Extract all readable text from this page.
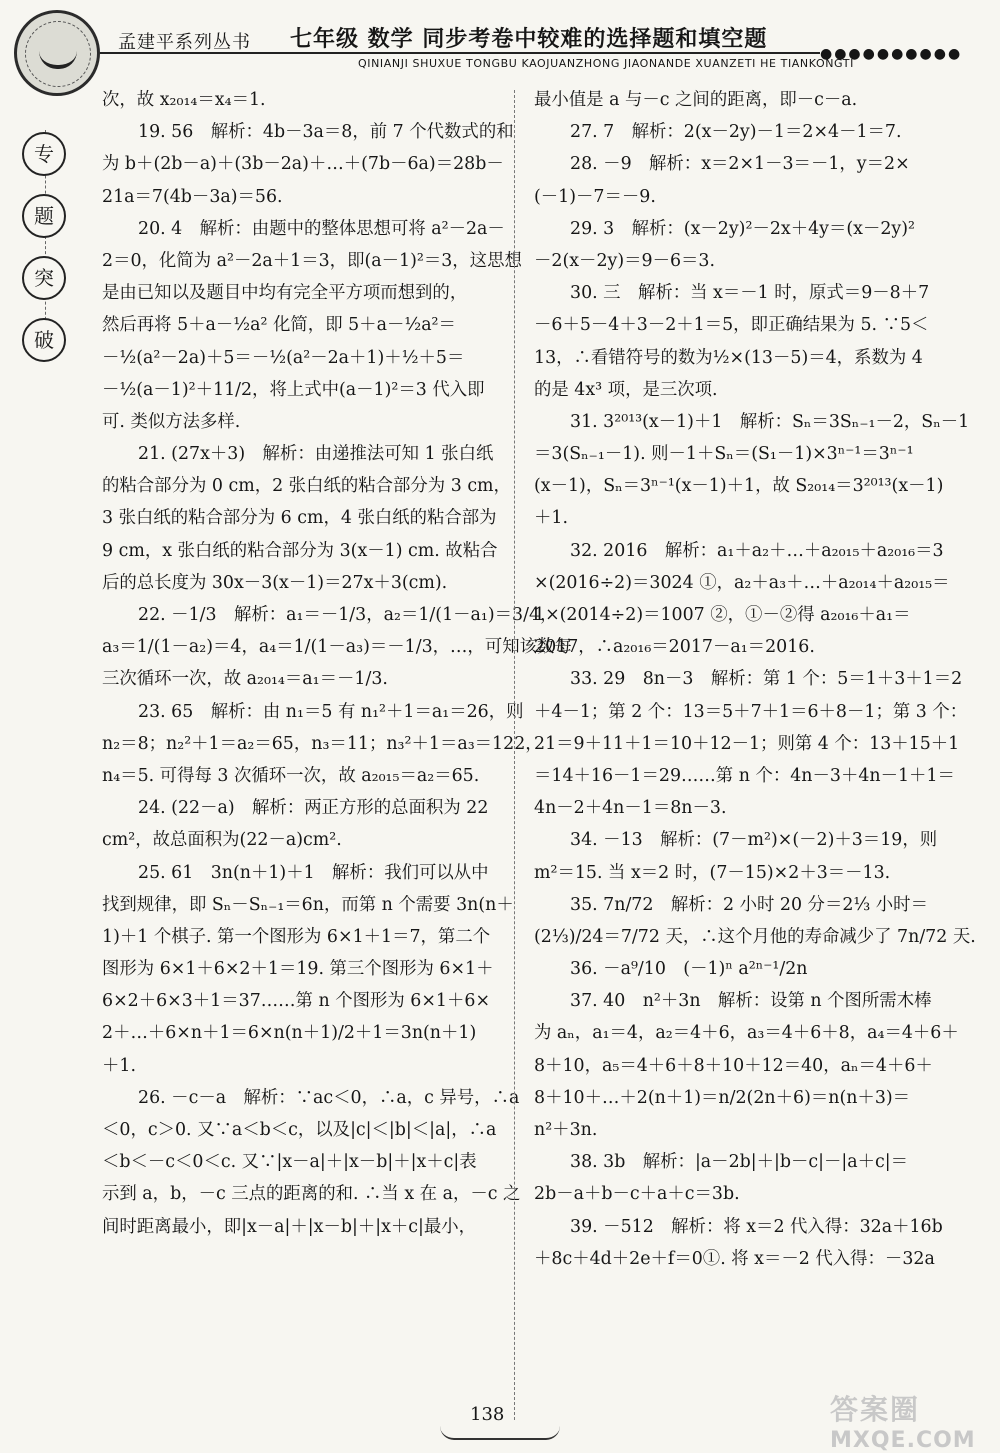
孟建平系列丛书 七年级 数学 同步考卷中较难的选择题和填空题
●●●●●●●●●●
QINIANJI SHUXUE TONGBU KAOJUANZHONG JIAONANDE XUANZETI HE TIANKONGTI
专
题
突
破
次，故 x₂₀₁₄＝x₄＝1.
19. 56　解析：4b－3a＝8，前 7 个代数式的和
为 b＋(2b－a)＋(3b－2a)＋…＋(7b－6a)＝28b－
21a＝7(4b－3a)＝56.
20. 4　解析：由题中的整体思想可将 a²－2a－
2＝0，化简为 a²－2a＋1＝3，即(a－1)²＝3，这思想
是由已知以及题目中均有完全平方项而想到的，
然后再将 5＋a－½a² 化简，即 5＋a－½a²＝
－½(a²－2a)＋5＝－½(a²－2a＋1)＋½＋5＝
－½(a－1)²＋11/2，将上式中(a－1)²＝3 代入即
可. 类似方法多样.
21. (27x＋3)　解析：由递推法可知 1 张白纸
的粘合部分为 0 cm，2 张白纸的粘合部分为 3 cm，
3 张白纸的粘合部分为 6 cm，4 张白纸的粘合部为
9 cm，x 张白纸的粘合部分为 3(x－1) cm. 故粘合
后的总长度为 30x－3(x－1)＝27x＋3(cm).
22. －1/3　解析：a₁＝－1/3，a₂＝1/(1－a₁)＝3/4，
a₃＝1/(1－a₂)＝4，a₄＝1/(1－a₃)＝－1/3，…，可知该数每
三次循环一次，故 a₂₀₁₄＝a₁＝－1/3.
23. 65　解析：由 n₁＝5 有 n₁²＋1＝a₁＝26，则
n₂＝8；n₂²＋1＝a₂＝65，n₃＝11；n₃²＋1＝a₃＝122，
n₄＝5. 可得每 3 次循环一次，故 a₂₀₁₅＝a₂＝65.
24. (22－a)　解析：两正方形的总面积为 22
cm²，故总面积为(22－a)cm².
25. 61　3n(n＋1)＋1　解析：我们可以从中
找到规律，即 Sₙ－Sₙ₋₁＝6n，而第 n 个需要 3n(n＋
1)＋1 个棋子. 第一个图形为 6×1＋1＝7，第二个
图形为 6×1＋6×2＋1＝19. 第三个图形为 6×1＋
6×2＋6×3＋1＝37……第 n 个图形为 6×1＋6×
2＋…＋6×n＋1＝6×n(n＋1)/2＋1＝3n(n＋1)
＋1.
26. －c－a　解析：∵ac＜0，∴a，c 异号，∴a
＜0，c＞0. 又∵a＜b＜c，以及|c|＜|b|＜|a|，∴a
＜b＜－c＜0＜c. 又∵|x－a|＋|x－b|＋|x＋c|表
示到 a，b，－c 三点的距离的和. ∴当 x 在 a，－c 之
间时距离最小，即|x－a|＋|x－b|＋|x＋c|最小，
最小值是 a 与－c 之间的距离，即－c－a.
27. 7　解析：2(x－2y)－1＝2×4－1＝7.
28. －9　解析：x＝2×1－3＝－1，y＝2×
(－1)－7＝－9.
29. 3　解析：(x－2y)²－2x＋4y＝(x－2y)²
－2(x－2y)＝9－6＝3.
30. 三　解析：当 x＝－1 时，原式＝9－8＋7
－6＋5－4＋3－2＋1＝5，即正确结果为 5. ∵5＜
13，∴看错符号的数为½×(13－5)＝4，系数为 4
的是 4x³ 项，是三次项.
31. 3²⁰¹³(x－1)＋1　解析：Sₙ＝3Sₙ₋₁－2，Sₙ－1
＝3(Sₙ₋₁－1). 则－1＋Sₙ＝(S₁－1)×3ⁿ⁻¹＝3ⁿ⁻¹
(x－1)，Sₙ＝3ⁿ⁻¹(x－1)＋1，故 S₂₀₁₄＝3²⁰¹³(x－1)
＋1.
32. 2016　解析：a₁＋a₂＋…＋a₂₀₁₅＋a₂₀₁₆＝3
×(2016÷2)＝3024 ①，a₂＋a₃＋…＋a₂₀₁₄＋a₂₀₁₅＝
1×(2014÷2)＝1007 ②，①－②得 a₂₀₁₆＋a₁＝
2017，∴a₂₀₁₆＝2017－a₁＝2016.
33. 29　8n－3　解析：第 1 个：5＝1＋3＋1＝2
＋4－1；第 2 个：13＝5＋7＋1＝6＋8－1；第 3 个：
21＝9＋11＋1＝10＋12－1；则第 4 个：13＋15＋1
＝14＋16－1＝29……第 n 个：4n－3＋4n－1＋1＝
4n－2＋4n－1＝8n－3.
34. －13　解析：(7－m²)×(－2)＋3＝19，则
m²＝15. 当 x＝2 时，(7－15)×2＋3＝－13.
35. 7n/72　解析：2 小时 20 分＝2⅓ 小时＝
(2⅓)/24＝7/72 天，∴这个月他的寿命减少了 7n/72 天.
36. －a⁹/10　(－1)ⁿ a²ⁿ⁻¹/2n
37. 40　n²＋3n　解析：设第 n 个图所需木棒
为 aₙ，a₁＝4，a₂＝4＋6，a₃＝4＋6＋8，a₄＝4＋6＋
8＋10，a₅＝4＋6＋8＋10＋12＝40，aₙ＝4＋6＋
8＋10＋…＋2(n＋1)＝n/2(2n＋6)＝n(n＋3)＝
n²＋3n.
38. 3b　解析：|a－2b|＋|b－c|－|a＋c|＝
2b－a＋b－c＋a＋c＝3b.
39. －512　解析：将 x＝2 代入得：32a＋16b
＋8c＋4d＋2e＋f＝0①. 将 x＝－2 代入得：－32a
138	答案圈
MXQE.COM
